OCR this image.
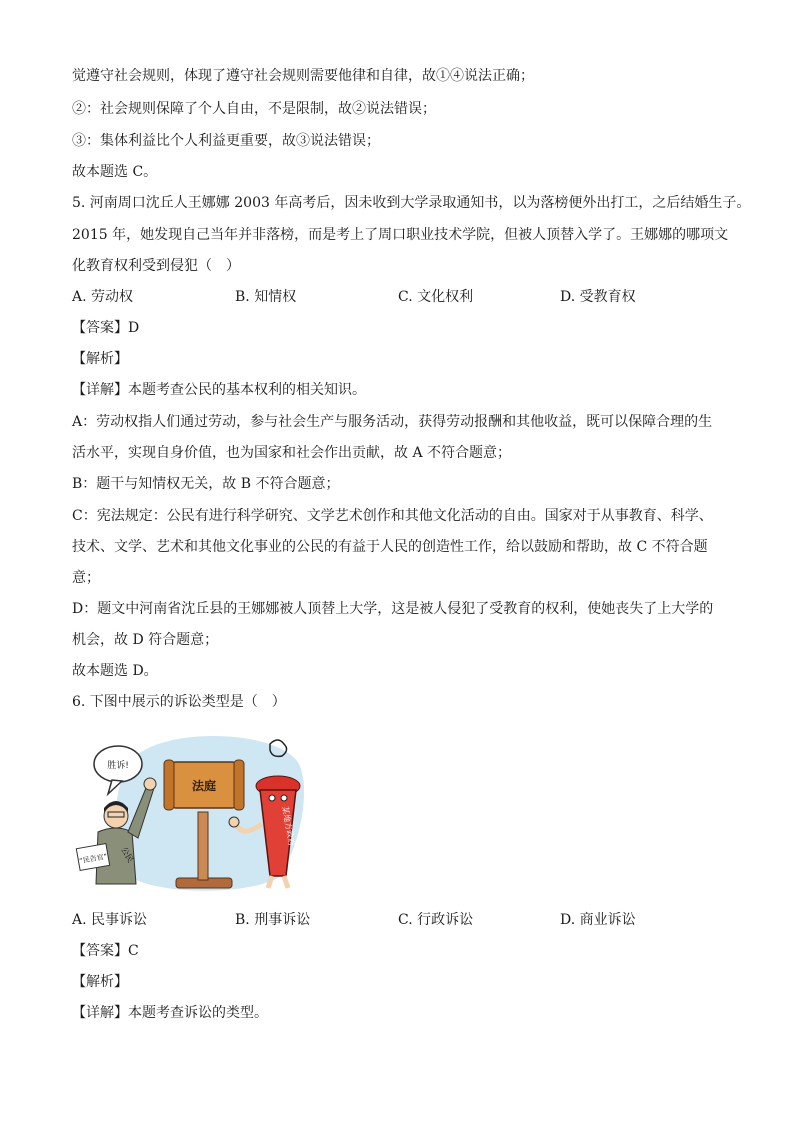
觉遵守社会规则，体现了遵守社会规则需要他律和自律，故①④说法正确；
②：社会规则保障了个人自由，不是限制，故②说法错误；
③：集体利益比个人利益更重要，故③说法错误；
故本题选 C。
5. 河南周口沈丘人王娜娜 2003 年高考后，因未收到大学录取通知书，以为落榜便外出打工，之后结婚生子。
2015 年，她发现自己当年并非落榜，而是考上了周口职业技术学院，但被人顶替入学了。王娜娜的哪项文
化教育权利受到侵犯（　）
A. 劳动权	B. 知情权	C. 文化权利	D. 受教育权
【答案】D
【解析】
【详解】本题考查公民的基本权利的相关知识。
A：劳动权指人们通过劳动，参与社会生产与服务活动，获得劳动报酬和其他收益，既可以保障合理的生
活水平，实现自身价值，也为国家和社会作出贡献，故 A 不符合题意；
B：题干与知情权无关，故 B 不符合题意；
C：宪法规定：公民有进行科学研究、文学艺术创作和其他文化活动的自由。国家对于从事教育、科学、
技术、文学、艺术和其他文化事业的公民的有益于人民的创造性工作，给以鼓励和帮助，故 C 不符合题
意；
D：题文中河南省沈丘县的王娜娜被人顶替上大学，这是被人侵犯了受教育的权利，使她丧失了上大学的
机会，故 D 符合题意；
故本题选 D。
6. 下图中展示的诉讼类型是（　）
胜诉!
法庭
公民
“民告官”
某地方政府
A. 民事诉讼	B. 刑事诉讼	C. 行政诉讼	D. 商业诉讼
【答案】C
【解析】
【详解】本题考查诉讼的类型。
